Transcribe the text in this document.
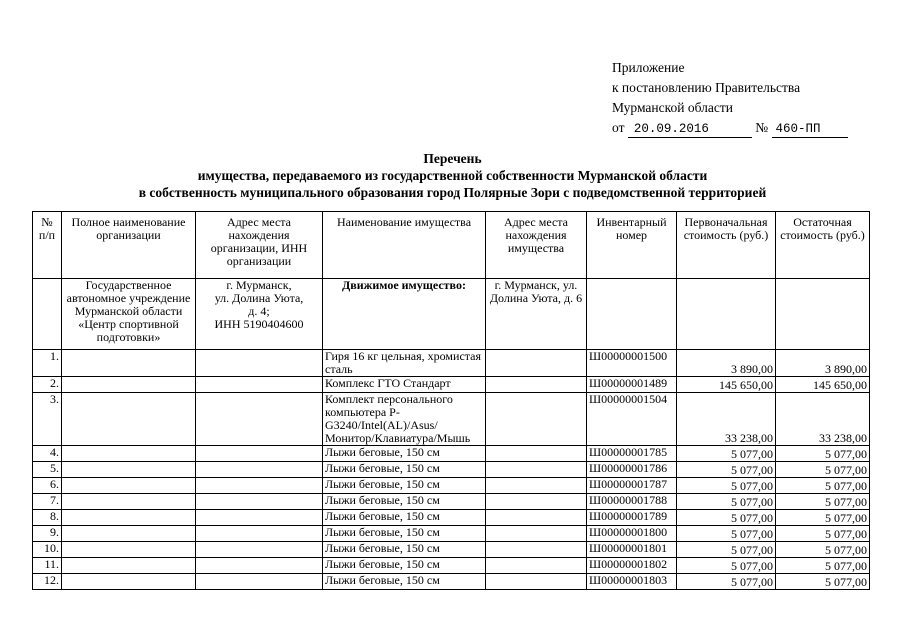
Приложение
к постановлению Правительства
Мурманской области
от 20.09.2016	№ 460-ПП
Перечень
имущества, передаваемого из государственной собственности Мурманской области
в собственность муниципального образования город Полярные Зори с подведомственной территорией
№ п/п	Полное наименование организации	Адрес места нахождения организации, ИНН организации	Наименование имущества	Адрес места нахождения имущества	Инвентарный номер	Первоначальная стоимость (руб.)	Остаточная стоимость (руб.)
	Государственное автономное учреждение Мурманской области «Центр спортивной подготовки»	г. Мурманск,
ул. Долина Уюта,
д. 4;
ИНН 5190404600	Движимое имущество:	г. Мурманск, ул. Долина Уюта, д. 6			
1.			Гиря 16 кг цельная, хромистая сталь		Ш00000001500	3 890,00	3 890,00
2.			Комплекс ГТО Стандарт		Ш00000001489	145 650,00	145 650,00
3.			Комплект персонального компьютера P-G3240/Intel(AL)/Asus/Монитор/Клавиатура/Мышь		Ш00000001504	33 238,00	33 238,00
4.			Лыжи беговые, 150 см		Ш00000001785	5 077,00	5 077,00
5.			Лыжи беговые, 150 см		Ш00000001786	5 077,00	5 077,00
6.			Лыжи беговые, 150 см		Ш00000001787	5 077,00	5 077,00
7.			Лыжи беговые, 150 см		Ш00000001788	5 077,00	5 077,00
8.			Лыжи беговые, 150 см		Ш00000001789	5 077,00	5 077,00
9.			Лыжи беговые, 150 см		Ш00000001800	5 077,00	5 077,00
10.			Лыжи беговые, 150 см		Ш00000001801	5 077,00	5 077,00
11.			Лыжи беговые, 150 см		Ш00000001802	5 077,00	5 077,00
12.			Лыжи беговые, 150 см		Ш00000001803	5 077,00	5 077,00
